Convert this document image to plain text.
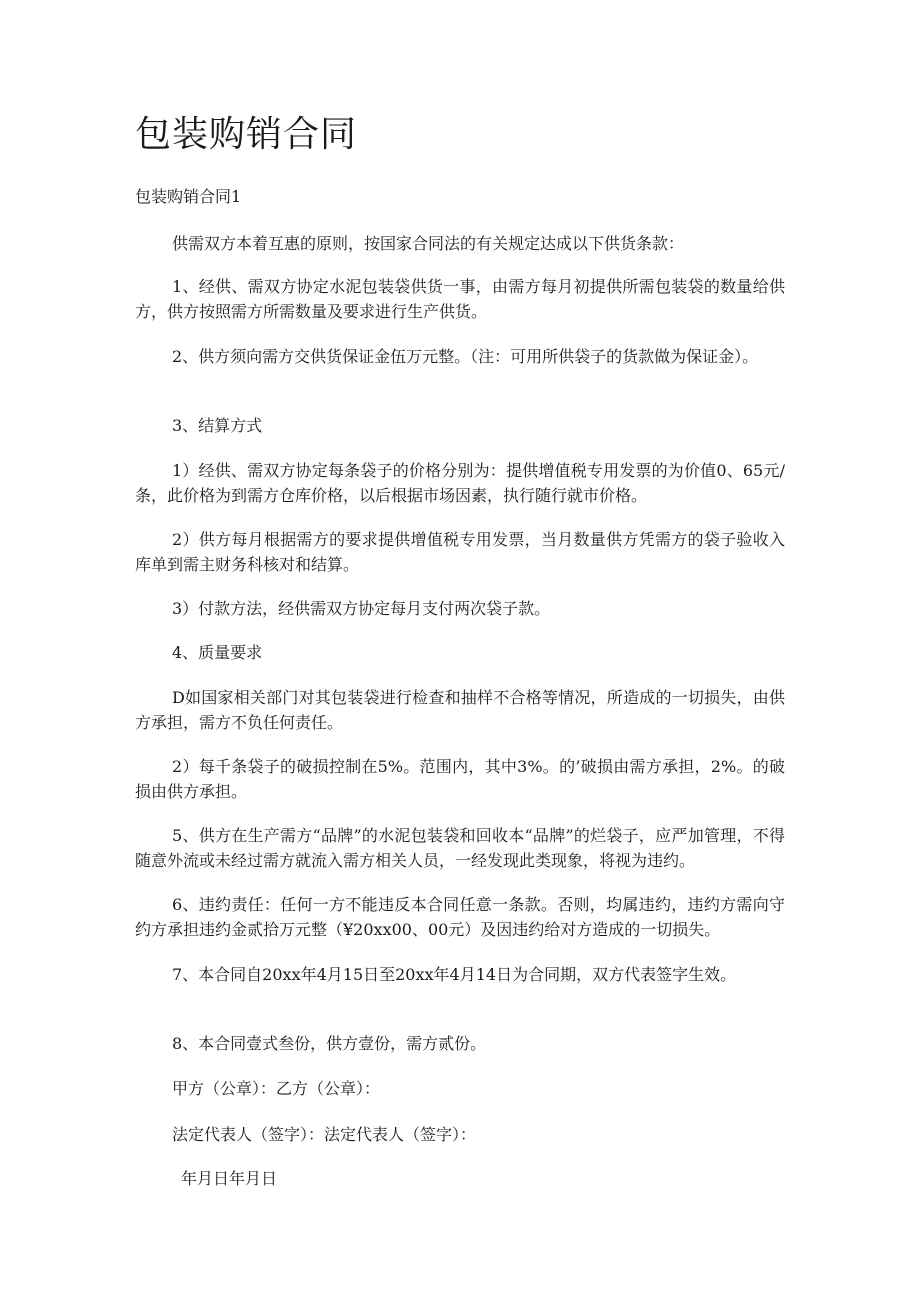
包装购销合同
包装购销合同1

供需双方本着互惠的原则，按国家合同法的有关规定达成以下供货条款：

1、经供、需双方协定水泥包装袋供货一事，由需方每月初提供所需包装袋的数量给供方，供方按照需方所需数量及要求进行生产供货。

2、供方须向需方交供货保证金伍万元整。（注：可用所供袋子的货款做为保证金）。

3、结算方式

1）经供、需双方协定每条袋子的价格分别为：提供增值税专用发票的为价值0、65元/条，此价格为到需方仓库价格，以后根据市场因素，执行随行就市价格。

2）供方每月根据需方的要求提供增值税专用发票，当月数量供方凭需方的袋子验收入库单到需主财务科核对和结算。

3）付款方法，经供需双方协定每月支付两次袋子款。

4、质量要求

D如国家相关部门对其包装袋进行检查和抽样不合格等情况，所造成的一切损失，由供方承担，需方不负任何责任。

2）每千条袋子的破损控制在5%。范围内，其中3%。的’破损由需方承担，2%。的破损由供方承担。

5、供方在生产需方“品牌”的水泥包装袋和回收本“品牌”的烂袋子，应严加管理，不得随意外流或未经过需方就流入需方相关人员，一经发现此类现象，将视为违约。

6、违约责任：任何一方不能违反本合同任意一条款。否则，均属违约，违约方需向守约方承担违约金贰拾万元整（¥20xx00、00元）及因违约给对方造成的一切损失。

7、本合同自20xx年4月15日至20xx年4月14日为合同期，双方代表签字生效。

8、本合同壹式叁份，供方壹份，需方贰份。

甲方（公章）：乙方（公章）：
法定代表人（签字）：法定代表人（签字）：
年月日年月日
